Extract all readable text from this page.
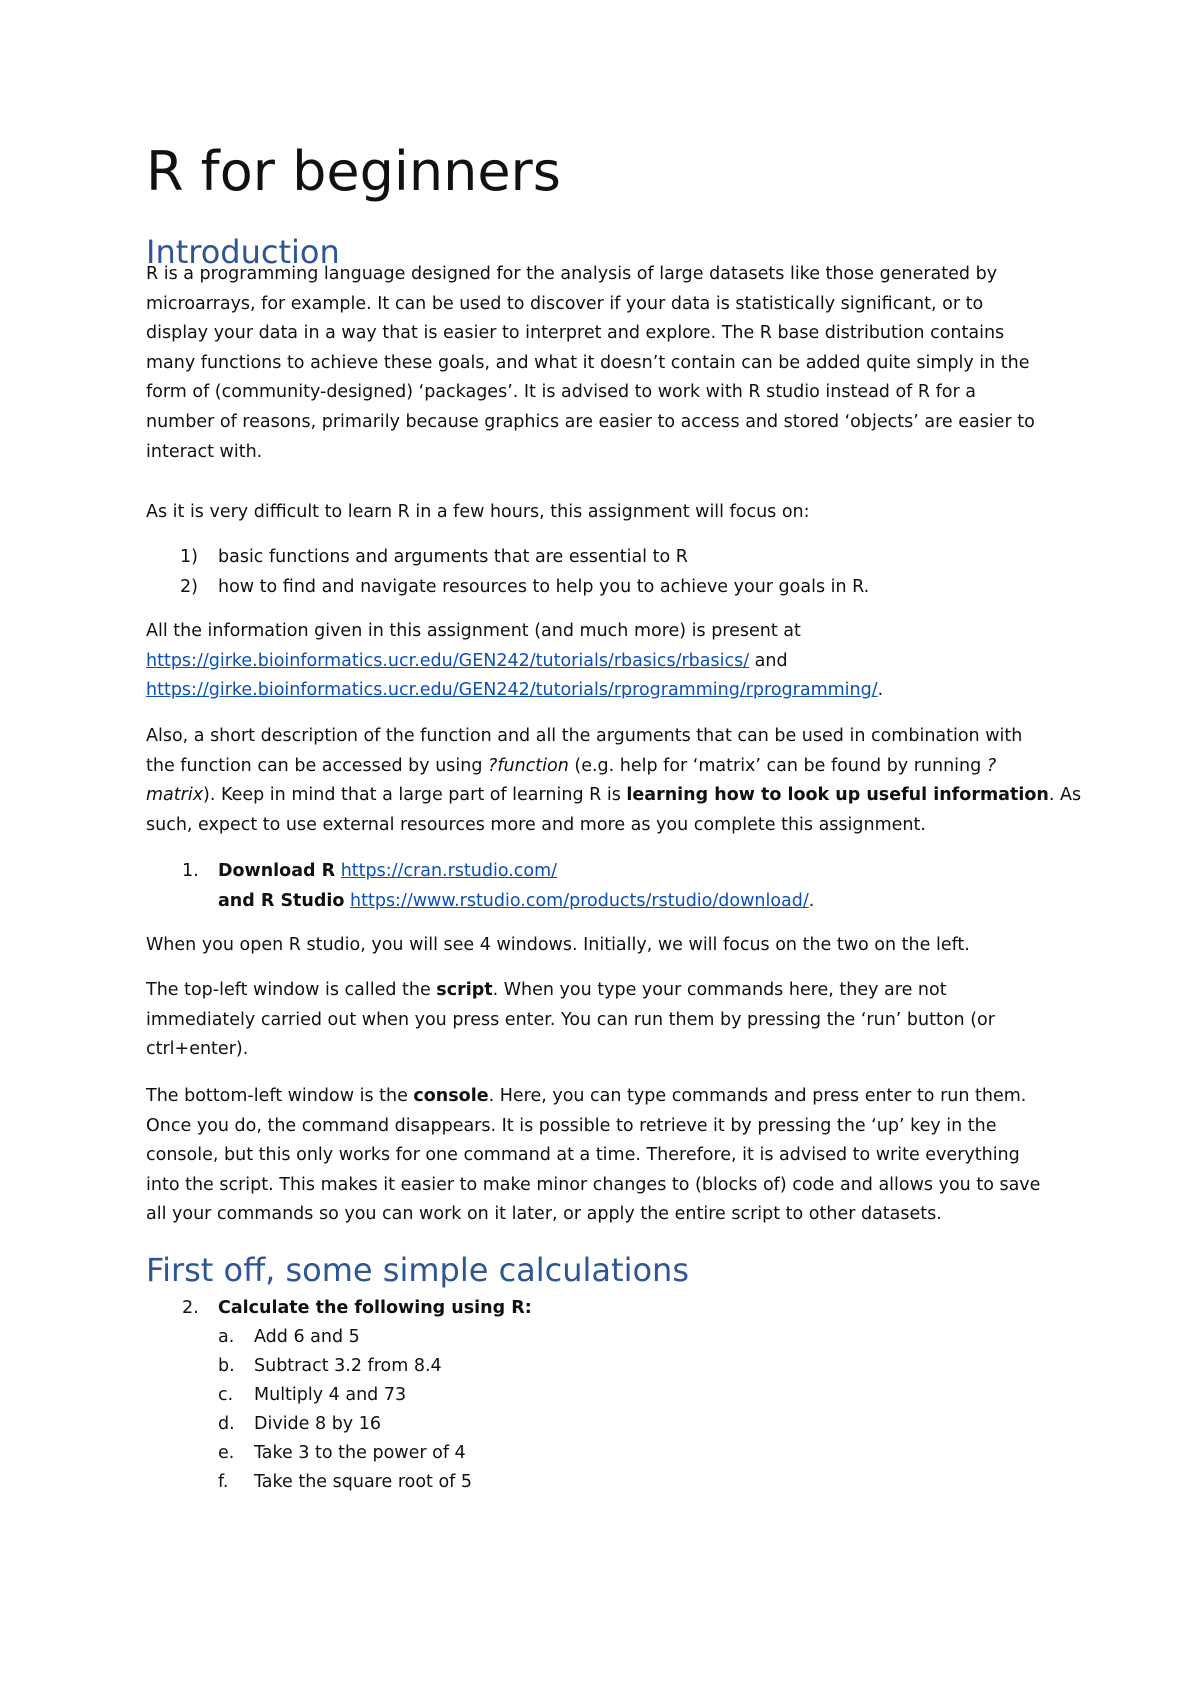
R for beginners
Introduction
R is a programming language designed for the analysis of large datasets like those generated by
microarrays, for example. It can be used to discover if your data is statistically significant, or to
display your data in a way that is easier to interpret and explore. The R base distribution contains
many functions to achieve these goals, and what it doesn’t contain can be added quite simply in the
form of (community-designed) ‘packages’. It is advised to work with R studio instead of R for a
number of reasons, primarily because graphics are easier to access and stored ‘objects’ are easier to
interact with.
As it is very difficult to learn R in a few hours, this assignment will focus on:
1) basic functions and arguments that are essential to R
2) how to find and navigate resources to help you to achieve your goals in R.
All the information given in this assignment (and much more) is present at
https://girke.bioinformatics.ucr.edu/GEN242/tutorials/rbasics/rbasics/ and
https://girke.bioinformatics.ucr.edu/GEN242/tutorials/rprogramming/rprogramming/.
Also, a short description of the function and all the arguments that can be used in combination with
the function can be accessed by using ?function (e.g. help for ‘matrix’ can be found by running ?
matrix). Keep in mind that a large part of learning R is learning how to look up useful information. As
such, expect to use external resources more and more as you complete this assignment.
1. Download R https://cran.rstudio.com/
and R Studio https://www.rstudio.com/products/rstudio/download/.
When you open R studio, you will see 4 windows. Initially, we will focus on the two on the left.
The top-left window is called the script. When you type your commands here, they are not
immediately carried out when you press enter. You can run them by pressing the ‘run’ button (or
ctrl+enter).
The bottom-left window is the console. Here, you can type commands and press enter to run them.
Once you do, the command disappears. It is possible to retrieve it by pressing the ‘up’ key in the
console, but this only works for one command at a time. Therefore, it is advised to write everything
into the script. This makes it easier to make minor changes to (blocks of) code and allows you to save
all your commands so you can work on it later, or apply the entire script to other datasets.
First off, some simple calculations
2. Calculate the following using R:
a. Add 6 and 5
b. Subtract 3.2 from 8.4
c. Multiply 4 and 73
d. Divide 8 by 16
e. Take 3 to the power of 4
f. Take the square root of 5
